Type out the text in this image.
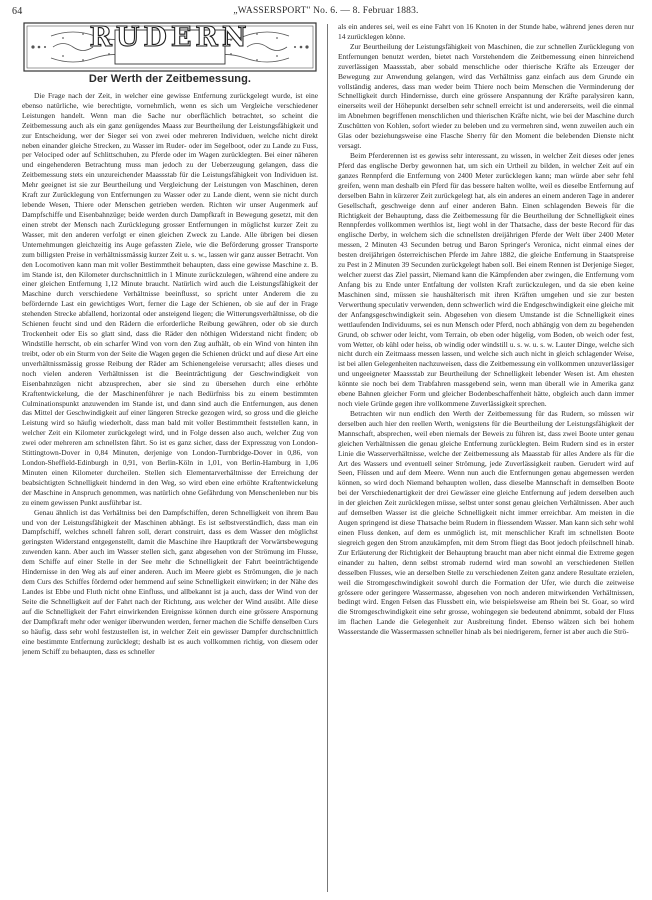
64	„WASSERSPORT" No. 6. — 8. Februar 1883.
RUDERN
Der Werth der Zeitbemessung.

Die Frage nach der Zeit, in welcher eine gewisse Entfernung zurückgelegt wurde, ist eine ebenso natürliche, wie berechtigte, vornehmlich, wenn es sich um Vergleiche verschiedener Leistungen handelt. Wenn man die Sache nur oberflächlich betrachtet, so scheint die Zeitbemessung auch als ein ganz genügendes Maass zur Beurtheilung der Leistungsfähigkeit und zur Entscheidung, wer der Sieger sei von zwei oder mehreren Individuen, welche nicht direkt neben einander gleiche Strecken, zu Wasser im Ruder- oder im Segelboot, oder zu Lande zu Fuss, per Velociped oder auf Schlittschuhen, zu Pferde oder im Wagen zurücklegten. Bei einer näheren und eingehenderen Betrachtung muss man jedoch zu der Ueberzeugung gelangen, dass die Zeitbemessung stets ein unzureichender Maassstab für die Leistungsfähigkeit von Individuen ist. Mehr geeignet ist sie zur Beurtheilung und Vergleichung der Leistungen von Maschinen, deren Kraft zur Zurücklegung von Entfernungen zu Wasser oder zu Lande dient, wenn sie nicht durch lebende Wesen, Thiere oder Menschen getrieben werden. Richten wir unser Augenmerk auf Dampfschiffe und Eisenbahnzüge; beide werden durch Dampfkraft in Bewegung gesetzt, mit den einen strebt der Mensch nach Zurücklegung grosser Entfernungen in möglichst kurzer Zeit zu Wasser, mit den anderen verfolgt er einen gleichen Zweck zu Lande. Alle übrigen bei diesen Unternehmungen gleichzeitig ins Auge gefassten Ziele, wie die Beförderung grosser Transporte zum billigsten Preise in verhältnissmässig kurzer Zeit u. s. w., lassen wir ganz ausser Betracht. Von den Locomotiven kann man mit voller Bestimmtheit behaupten, dass eine gewisse Maschine z. B. im Stande ist, den Kilometer durchschnittlich in 1 Minute zurückzulegen, während eine andere zu einer gleichen Entfernung 1,12 Minute braucht. Natürlich wird auch die Leistungsfähigkeit der Maschine durch verschiedene Verhältnisse beeinflusst, so spricht unter Anderem die zu befördernde Last ein gewichtiges Wort, ferner die Lage der Schienen, ob sie auf der in Frage stehenden Strecke abfallend, horizontal oder ansteigend liegen; die Witterungsverhältnisse, ob die Schienen feucht sind und den Rädern die erforderliche Reibung gewähren, oder ob sie durch Trockenheit oder Eis so glatt sind, dass die Räder den nöthigen Widerstand nicht finden; ob Windstille herrscht, ob ein scharfer Wind von vorn den Zug aufhält, ob ein Wind von hinten ihn treibt, oder ob ein Sturm von der Seite die Wagen gegen die Schienen drückt und auf diese Art eine unverhältnissmässig grosse Reibung der Räder am Schienengeleise verursacht; alles dieses und noch vielen anderen Verhältnissen ist die Beeinträchtigung der Geschwindigkeit von Eisenbahnzügen nicht abzusprechen, aber sie sind zu übersehen durch eine erhöhte Kraftentwickelung, die der Maschinenführer je nach Bedürfniss bis zu einem bestimmten Culminationspunkt anzuwenden im Stande ist, und dann sind auch die Entfernungen, aus denen das Mittel der Geschwindigkeit auf einer längeren Strecke gezogen wird, so gross und die gleiche Leistung wird so häufig wiederholt, dass man bald mit voller Bestimmtheit feststellen kann, in welcher Zeit ein Kilometer zurückgelegt wird, und in Folge dessen also auch, welcher Zug von zwei oder mehreren am schnellsten fährt. So ist es ganz sicher, dass der Expresszug von London-Stittingtown-Dover in 0,84 Minuten, derjenige von London-Turnbridge-Dover in 0,86, von London-Sheffield-Edinburgh in 0,91, von Berlin-Köln in 1,01, von Berlin-Hamburg in 1,06 Minuten einen Kilometer durcheilen. Stellen sich Elementarverhältnisse der Erreichung der beabsichtigten Schnelligkeit hindernd in den Weg, so wird eben eine erhöhte Kraftentwickelung der Maschine in Anspruch genommen, was natürlich ohne Gefährdung von Menschenleben nur bis zu einem gewissen Punkt ausführbar ist.

Genau ähnlich ist das Verhältniss bei den Dampfschiffen, deren Schnelligkeit von ihrem Bau und von der Leistungsfähigkeit der Maschinen abhängt. Es ist selbstverständlich, dass man ein Dampfschiff, welches schnell fahren soll, derart construirt, dass es dem Wasser den möglichst geringsten Widerstand entgegenstellt, damit die Maschine ihre Hauptkraft der Vorwärtsbewegung zuwenden kann. Aber auch im Wasser stellen sich, ganz abgesehen von der Strömung im Flusse, dem Schiffe auf einer Stelle in der See mehr die Schnelligkeit der Fahrt beeinträchtigende Hindernisse in den Weg als auf einer anderen. Auch im Meere giebt es Strömungen, die je nach dem Curs des Schiffes fördernd oder hemmend auf seine Schnelligkeit einwirken; in der Nähe des Landes ist Ebbe und Fluth nicht ohne Einfluss, und allbekannt ist ja auch, dass der Wind von der Seite die Schnelligkeit auf der Fahrt nach der Richtung, aus welcher der Wind ausübt. Alle diese auf die Schnelligkeit der Fahrt einwirkenden Ereignisse können durch eine grössere Anspornung der Dampfkraft mehr oder weniger überwunden werden, ferner machen die Schiffe denselben Curs so häufig, dass sehr wohl festzustellen ist, in welcher Zeit ein gewisser Dampfer durchschnittlich eine bestimmte Entfernung zurücklegt; deshalb ist es auch vollkommen richtig, von diesem oder jenem Schiff zu behaupten, dass es schneller

als ein anderes sei, weil es eine Fahrt von 16 Knoten in der Stunde habe, während jenes deren nur 14 zurücklegen könne.

Zur Beurtheilung der Leistungsfähigkeit von Maschinen, die zur schnellen Zurücklegung von Entfernungen benutzt werden, bietet nach Vorstehendem die Zeitbemessung einen hinreichend zuverlässigen Maassstab, aber sobald menschliche oder thierische Kräfte als Erzeuger der Bewegung zur Anwendung gelangen, wird das Verhältniss ganz einfach aus dem Grunde ein vollständig anderes, dass man weder beim Thiere noch beim Menschen die Verminderung der Schnelligkeit durch Hindernisse, durch eine grössere Anspannung der Kräfte paralysiren kann, einerseits weil der Höhepunkt derselben sehr schnell erreicht ist und andererseits, weil die einmal im Abnehmen begriffenen menschlichen und thierischen Kräfte nicht, wie bei der Maschine durch Zuschütten von Kohlen, sofort wieder zu beleben und zu vermehren sind, wenn zuweilen auch ein Glas oder beziehungsweise eine Flasche Sherry für den Moment die belebenden Dienste nicht versagt.

Beim Pferderennen ist es gewiss sehr interessant, zu wissen, in welcher Zeit dieses oder jenes Pferd das englische Derby gewonnen hat, um sich ein Urtheil zu bilden, in welcher Zeit auf ein ganzes Rennpferd die Entfernung von 2400 Meter zurücklegen kann; man würde aber sehr fehl greifen, wenn man deshalb ein Pferd für das bessere halten wollte, weil es dieselbe Entfernung auf derselben Bahn in kürzerer Zeit zurückgelegt hat, als ein anderes an einem anderen Tage in anderer Gesellschaft, geschweige denn auf einer anderen Bahn. Einen schlagenden Beweis für die Richtigkeit der Behauptung, dass die Zeitbemessung für die Beurtheilung der Schnelligkeit eines Rennpferdes vollkommen werthlos ist, liegt wohl in der Thatsache, dass der beste Record für das englische Derby, in welchem sich die schnellsten dreijährigen Pferde der Welt über 2400 Meter messen, 2 Minuten 43 Secunden betrug und Baron Springer's Veronica, nicht einmal eines der besten dreijährigen österreichischen Pferde im Jahre 1882, die gleiche Entfernung in Staatspreise zu Pest in 2 Minuten 39 Secunden zurückgelegt haben soll. Bei einem Rennen ist Derjenige Sieger, welcher zuerst das Ziel passirt, Niemand kann die Kämpfenden aber zwingen, die Entfernung vom Anfang bis zu Ende unter Entfaltung der vollsten Kraft zurückzulegen, und da sie eben keine Maschinen sind, müssen sie haushälterisch mit ihren Kräften umgehen und sie zur besten Verwerthung speculativ verwenden, denn schwerlich wird die Endgeschwindigkeit eine gleiche mit der Anfangsgeschwindigkeit sein. Abgesehen von diesem Umstande ist die Schnelligkeit eines wettlaufenden Individuums, sei es nun Mensch oder Pferd, noch abhängig von dem zu begehenden Grund, ob schwer oder leicht, vom Terrain, ob eben oder hügelig, vom Boden, ob weich oder fest, vom Wetter, ob kühl oder heiss, ob windig oder windstill u. s. w. u. s. w. Lauter Dinge, welche sich nicht durch ein Zeitmaass messen lassen, und welche sich auch nicht in gleich schlagender Weise, ist bei allen Gelegenheiten nachzuweisen, dass die Zeitbemessung ein vollkommen unzuverlässiger und ungeeigneter Maassstab zur Beurtheilung der Schnelligkeit lebender Wesen ist. Am ehesten könnte sie noch bei dem Trabfahren massgebend sein, wenn man überall wie in Amerika ganz ebene Bahnen gleicher Form und gleicher Bodenbeschaffenheit hätte, obgleich auch dann immer noch viele Gründe gegen ihre vollkommene Zuverlässigkeit sprechen.

Betrachten wir nun endlich den Werth der Zeitbemessung für das Rudern, so müssen wir derselben auch hier den reellen Werth, wenigstens für die Beurtheilung der Leistungsfähigkeit der Mannschaft, absprechen, weil eben niemals der Beweis zu führen ist, dass zwei Boote unter genau gleichen Verhältnissen die genau gleiche Entfernung zurücklegten. Beim Rudern sind es in erster Linie die Wasserverhältnisse, welche der Zeitbemessung als Maasstab für alles Andere als für die Art des Wassers und eventuell seiner Strömung, jede Zuverlässigkeit rauben. Gerudert wird auf Seen, Flüssen und auf dem Meere. Wenn nun auch die Entfernungen genau abgemessen werden können, so wird doch Niemand behaupten wollen, dass dieselbe Mannschaft in demselben Boote bei der Verschiedenartigkeit der drei Gewässer eine gleiche Entfernung auf jedem derselben auch in der gleichen Zeit zurücklegen müsse, selbst unter sonst genau gleichen Verhältnissen. Aber auch auf demselben Wasser ist die gleiche Schnelligkeit nicht immer erreichbar. Am meisten in die Augen springend ist diese Thatsache beim Rudern in fliessendem Wasser. Man kann sich sehr wohl einen Fluss denken, auf dem es unmöglich ist, mit menschlicher Kraft im schnellsten Boote siegreich gegen den Strom anzukämpfen, mit dem Strom fliegt das Boot jedoch pfeilschnell hinab. Zur Erläuterung der Richtigkeit der Behauptung braucht man aber nicht einmal die Extreme gegen einander zu halten, denn selbst stromab rudernd wird man sowohl an verschiedenen Stellen desselben Flusses, wie an derselben Stelle zu verschiedenen Zeiten ganz andere Resultate erzielen, weil die Stromgeschwindigkeit sowohl durch die Formation der Ufer, wie durch die zeitweise grössere oder geringere Wassermasse, abgesehen von noch anderen mitwirkenden Verhältnissen, bedingt wird. Engen Felsen das Flussbett ein, wie beispielsweise am Rhein bei St. Goar, so wird die Stromgeschwindigkeit eine sehr grosse, wohingegen sie bedeutend abnimmt, sobald der Fluss im flachen Lande die Gelegenheit zur Ausbreitung findet. Ebenso wälzen sich bei hohem Wasserstande die Wassermassen schneller hinab als bei niedrigerem, ferner ist aber auch die Strö-
